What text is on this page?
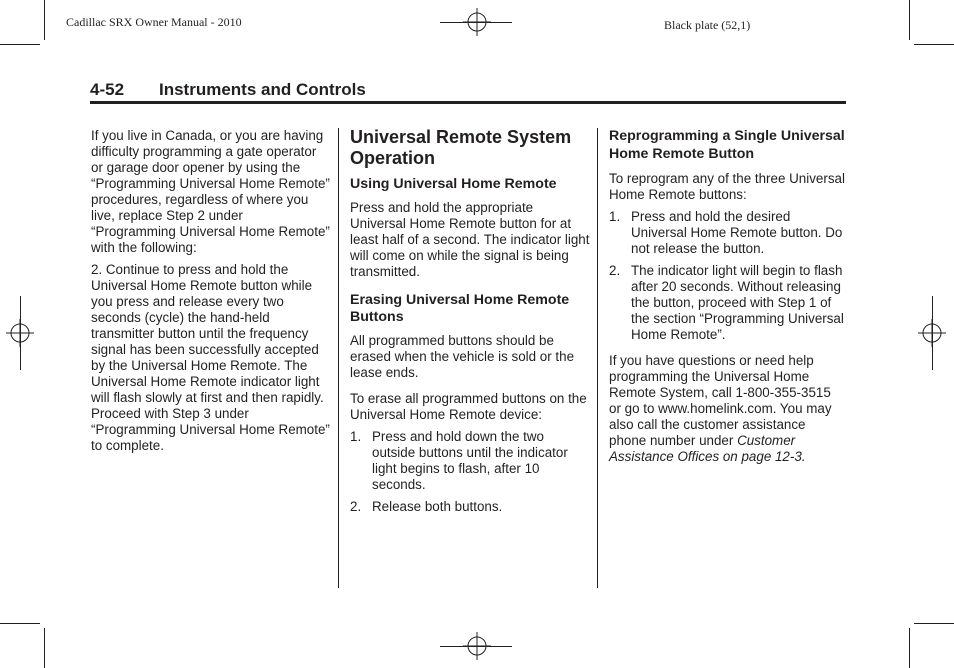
Cadillac SRX Owner Manual - 2010	Black plate (52,1)
4-52 Instruments and Controls

If you live in Canada, or you are having difficulty programming a gate operator or garage door opener by using the “Programming Universal Home Remote” procedures, regardless of where you live, replace Step 2 under “Programming Universal Home Remote” with the following:

2. Continue to press and hold the Universal Home Remote button while you press and release every two seconds (cycle) the hand-held transmitter button until the frequency signal has been successfully accepted by the Universal Home Remote. The Universal Home Remote indicator light will flash slowly at first and then rapidly. Proceed with Step 3 under “Programming Universal Home Remote” to complete.

Universal Remote System Operation
Using Universal Home Remote

Press and hold the appropriate Universal Home Remote button for at least half of a second. The indicator light will come on while the signal is being transmitted.

Erasing Universal Home Remote Buttons

All programmed buttons should be erased when the vehicle is sold or the lease ends.

To erase all programmed buttons on the Universal Home Remote device:

1. Press and hold down the two outside buttons until the indicator light begins to flash, after 10 seconds.
2. Release both buttons.
Reprogramming a Single Universal Home Remote Button

To reprogram any of the three Universal Home Remote buttons:

1. Press and hold the desired Universal Home Remote button. Do not release the button.
2. The indicator light will begin to flash after 20 seconds. Without releasing the button, proceed with Step 1 of the section “Programming Universal Home Remote”.

If you have questions or need help programming the Universal Home Remote System, call 1-800-355-3515 or go to www.homelink.com. You may also call the customer assistance phone number under Customer Assistance Offices on page 12-3.
